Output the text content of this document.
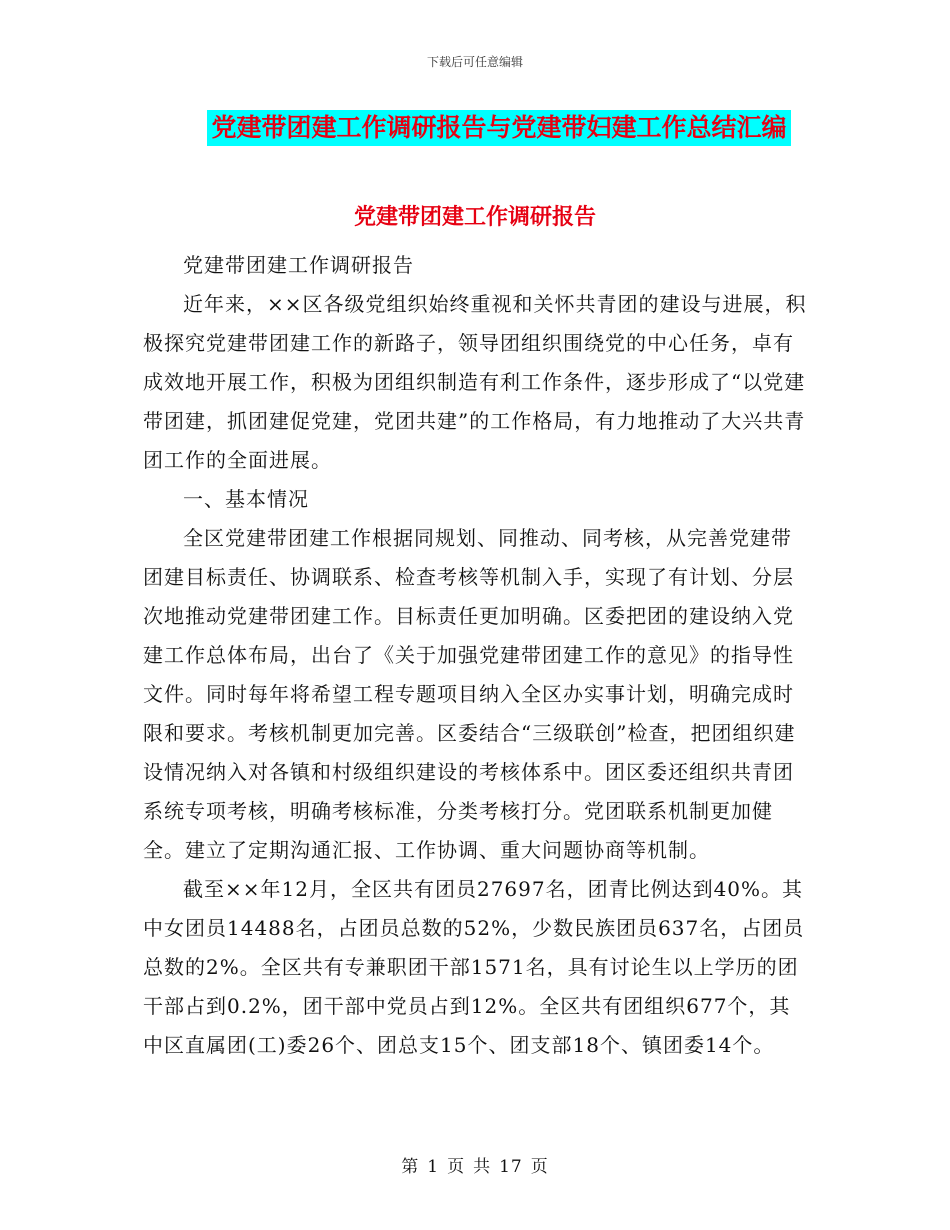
下载后可任意编辑
党建带团建工作调研报告与党建带妇建工作总结汇编
党建带团建工作调研报告

党建带团建工作调研报告

近年来，××区各级党组织始终重视和关怀共青团的建设与进展，积极探究党建带团建工作的新路子，领导团组织围绕党的中心任务，卓有成效地开展工作，积极为团组织制造有利工作条件，逐步形成了“以党建带团建，抓团建促党建，党团共建”的工作格局，有力地推动了大兴共青团工作的全面进展。

一、基本情况

全区党建带团建工作根据同规划、同推动、同考核，从完善党建带团建目标责任、协调联系、检查考核等机制入手，实现了有计划、分层次地推动党建带团建工作。目标责任更加明确。区委把团的建设纳入党建工作总体布局，出台了《关于加强党建带团建工作的意见》的指导性文件。同时每年将希望工程专题项目纳入全区办实事计划，明确完成时限和要求。考核机制更加完善。区委结合“三级联创”检查，把团组织建设情况纳入对各镇和村级组织建设的考核体系中。团区委还组织共青团系统专项考核，明确考核标准，分类考核打分。党团联系机制更加健全。建立了定期沟通汇报、工作协调、重大问题协商等机制。

截至××年12月，全区共有团员27697名，团青比例达到40%。其中女团员14488名，占团员总数的52%，少数民族团员637名，占团员总数的2%。全区共有专兼职团干部1571名，具有讨论生以上学历的团干部占到0.2%，团干部中党员占到12%。全区共有团组织677个，其中区直属团(工)委26个、团总支15个、团支部18个、镇团委14个。

第 1 页 共 17 页
